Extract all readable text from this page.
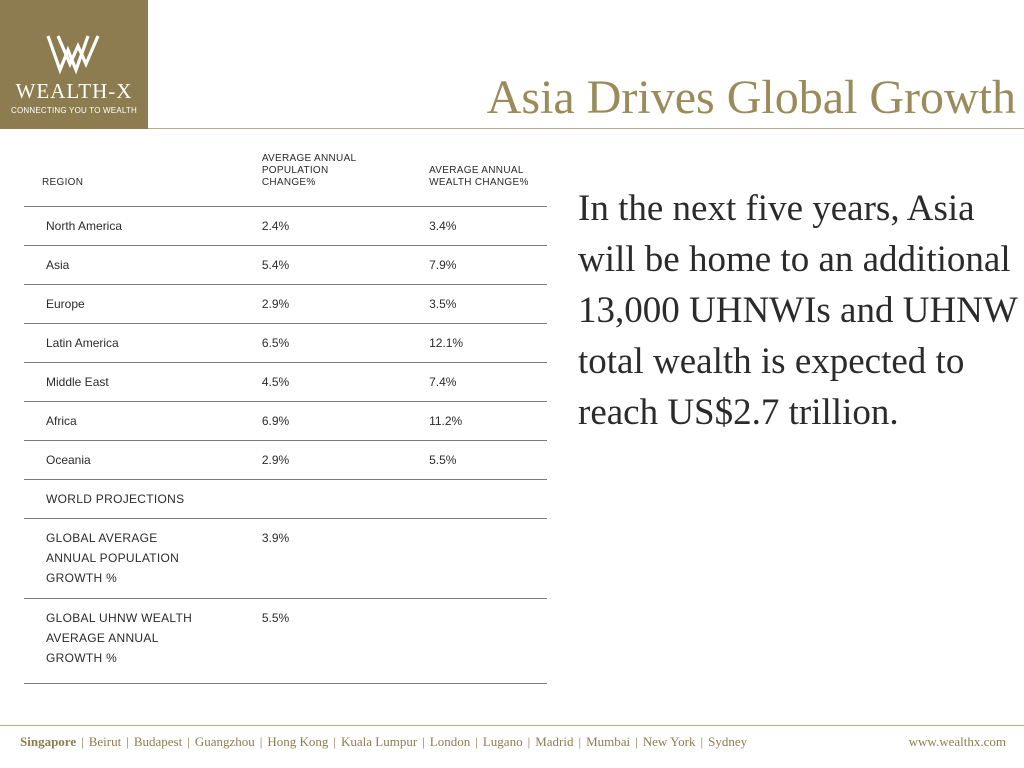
WEALTH-X
CONNECTING YOU TO WEALTH	Asia Drives Global Growth
REGION	AVERAGE ANNUAL POPULATION CHANGE%	AVERAGE ANNUAL WEALTH CHANGE%

North America	2.4%	3.4%
Asia	5.4%	7.9%
Europe	2.9%	3.5%
Latin America	6.5%	12.1%
Middle East	4.5%	7.4%
Africa	6.9%	11.2%
Oceania	2.9%	5.5%
WORLD PROJECTIONS		

GLOBAL AVERAGE ANNUAL POPULATION GROWTH %	3.9%	

GLOBAL UHNW WEALTH AVERAGE ANNUAL GROWTH %	5.5%	
In the next five years, Asia will be home to an additional 13,000 UHNWIs and UHNW total wealth is expected to reach US$2.7 trillion.
Singapore | Beirut | Budapest | Guangzhou | Hong Kong | Kuala Lumpur | London | Lugano | Madrid | Mumbai | New York | Sydney	www.wealthx.com
